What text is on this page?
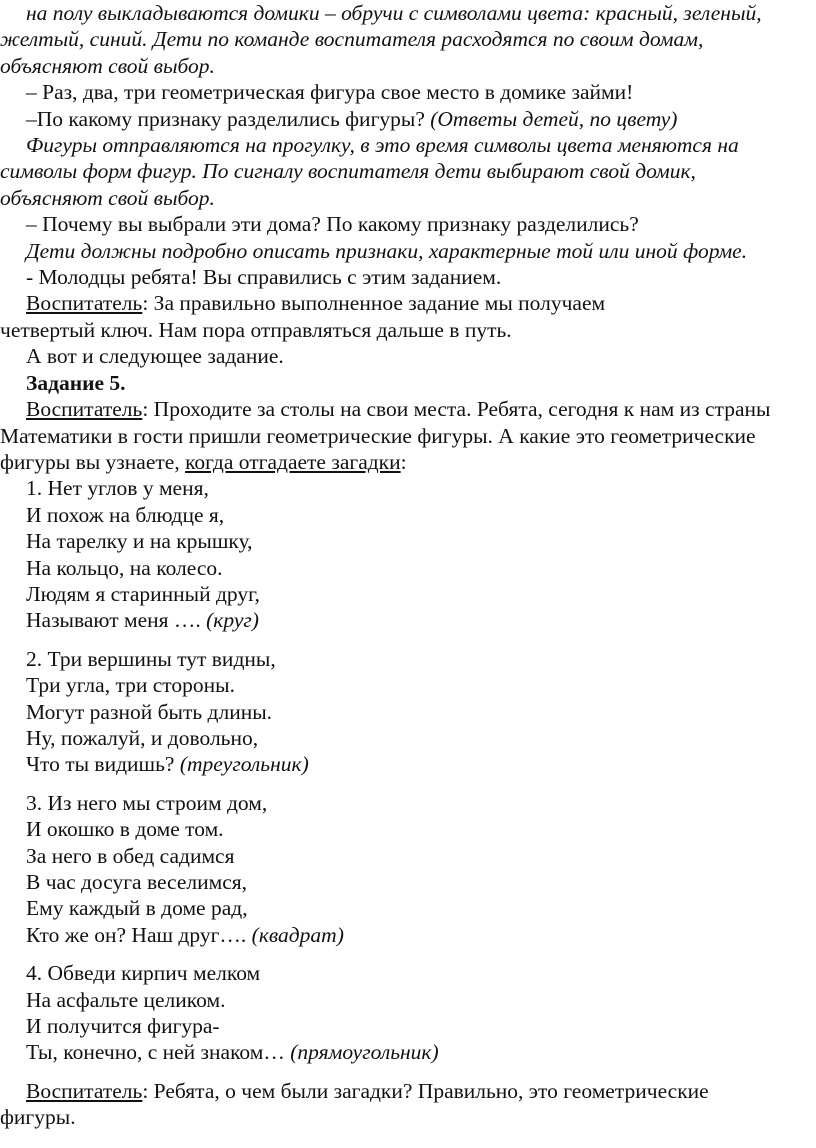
на полу выкладываются домики – обручи с символами цвета: красный, зеленый, желтый, синий. Дети по команде воспитателя расходятся по своим домам, объясняют свой выбор.

– Раз, два, три геометрическая фигура свое место в домике займи!

–По какому признаку разделились фигуры? (Ответы детей, по цвету)

Фигуры отправляются на прогулку, в это время символы цвета меняются на символы форм фигур. По сигналу воспитателя дети выбирают свой домик, объясняют свой выбор.

– Почему вы выбрали эти дома? По какому признаку разделились?

Дети должны подробно описать признаки, характерные той или иной форме.

- Молодцы ребята! Вы справились с этим заданием.

Воспитатель: За правильно выполненное задание мы получаем

четвертый ключ. Нам пора отправляться дальше в путь.

А вот и следующее задание.

Задание 5.

Воспитатель: Проходите за столы на свои места. Ребята, сегодня к нам из страны Математики в гости пришли геометрические фигуры. А какие это геометрические фигуры вы узнаете, когда отгадаете загадки:

1. Нет углов у меня,

И похож на блюдце я,

На тарелку и на крышку,

На кольцо, на колесо.

Людям я старинный друг,

Называют меня …. (круг)

2. Три вершины тут видны,

Три угла, три стороны.

Могут разной быть длины.

Ну, пожалуй, и довольно,

Что ты видишь? (треугольник)

3. Из него мы строим дом,

И окошко в доме том.

За него в обед садимся

В час досуга веселимся,

Ему каждый в доме рад,

Кто же он? Наш друг…. (квадрат)

4. Обведи кирпич мелком

На асфальте целиком.

И получится фигура-

Ты, конечно, с ней знаком… (прямоугольник)

Воспитатель: Ребята, о чем были загадки? Правильно, это геометрические фигуры.
